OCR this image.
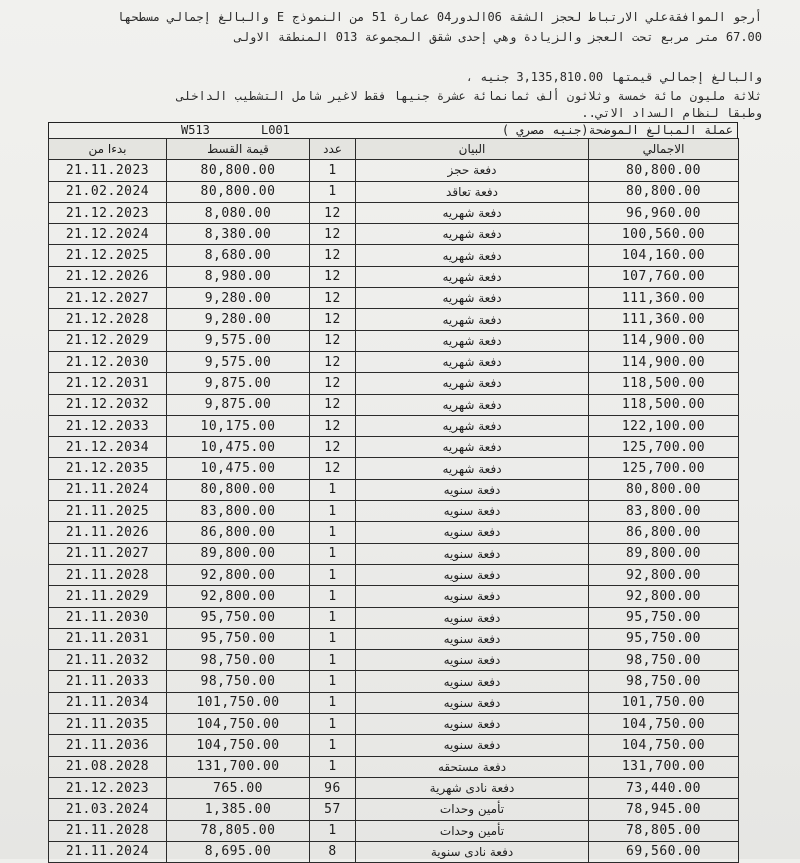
أرجو الموافقةعلي الارتباط لحجز الشقة 06الدور04 عمارة 51 من النموذج E والبالغ إجمالي مسطحها
67.00 متر مربع تحت العجز والزيادة وهي إحدى شقق المجموعة 013 المنطقة الاولى
والبالغ إجمالي قيمتها 3,135,810.00 جنيه ،
ثلاثة مليون مائة خمسة وثلاثون ألف ثمانمائة عشرة جنيها فقط لاغير شامل التشطيب الداخلى
وطبقا لنظام السداد الاتي..
W513	L001	عملة المبالغ الموضحة(جنيه مصري )
بدءا من	قيمة القسط	عدد	البيان	الاجمالي
21.11.2023	80,800.00	1	دفعة حجز	80,800.00
21.02.2024	80,800.00	1	دفعة تعاقد	80,800.00
21.12.2023	8,080.00	12	دفعة شهريه	96,960.00
21.12.2024	8,380.00	12	دفعة شهريه	100,560.00
21.12.2025	8,680.00	12	دفعة شهريه	104,160.00
21.12.2026	8,980.00	12	دفعة شهريه	107,760.00
21.12.2027	9,280.00	12	دفعة شهريه	111,360.00
21.12.2028	9,280.00	12	دفعة شهريه	111,360.00
21.12.2029	9,575.00	12	دفعة شهريه	114,900.00
21.12.2030	9,575.00	12	دفعة شهريه	114,900.00
21.12.2031	9,875.00	12	دفعة شهريه	118,500.00
21.12.2032	9,875.00	12	دفعة شهريه	118,500.00
21.12.2033	10,175.00	12	دفعة شهريه	122,100.00
21.12.2034	10,475.00	12	دفعة شهريه	125,700.00
21.12.2035	10,475.00	12	دفعة شهريه	125,700.00
21.11.2024	80,800.00	1	دفعة سنويه	80,800.00
21.11.2025	83,800.00	1	دفعة سنويه	83,800.00
21.11.2026	86,800.00	1	دفعة سنويه	86,800.00
21.11.2027	89,800.00	1	دفعة سنويه	89,800.00
21.11.2028	92,800.00	1	دفعة سنويه	92,800.00
21.11.2029	92,800.00	1	دفعة سنويه	92,800.00
21.11.2030	95,750.00	1	دفعة سنويه	95,750.00
21.11.2031	95,750.00	1	دفعة سنويه	95,750.00
21.11.2032	98,750.00	1	دفعة سنويه	98,750.00
21.11.2033	98,750.00	1	دفعة سنويه	98,750.00
21.11.2034	101,750.00	1	دفعة سنويه	101,750.00
21.11.2035	104,750.00	1	دفعة سنويه	104,750.00
21.11.2036	104,750.00	1	دفعة سنويه	104,750.00
21.08.2028	131,700.00	1	دفعة مستحقه	131,700.00
21.12.2023	765.00	96	دفعة نادى شهرية	73,440.00
21.03.2024	1,385.00	57	تأمين وحدات	78,945.00
21.11.2028	78,805.00	1	تأمين وحدات	78,805.00
21.11.2024	8,695.00	8	دفعة نادى سنوية	69,560.00
